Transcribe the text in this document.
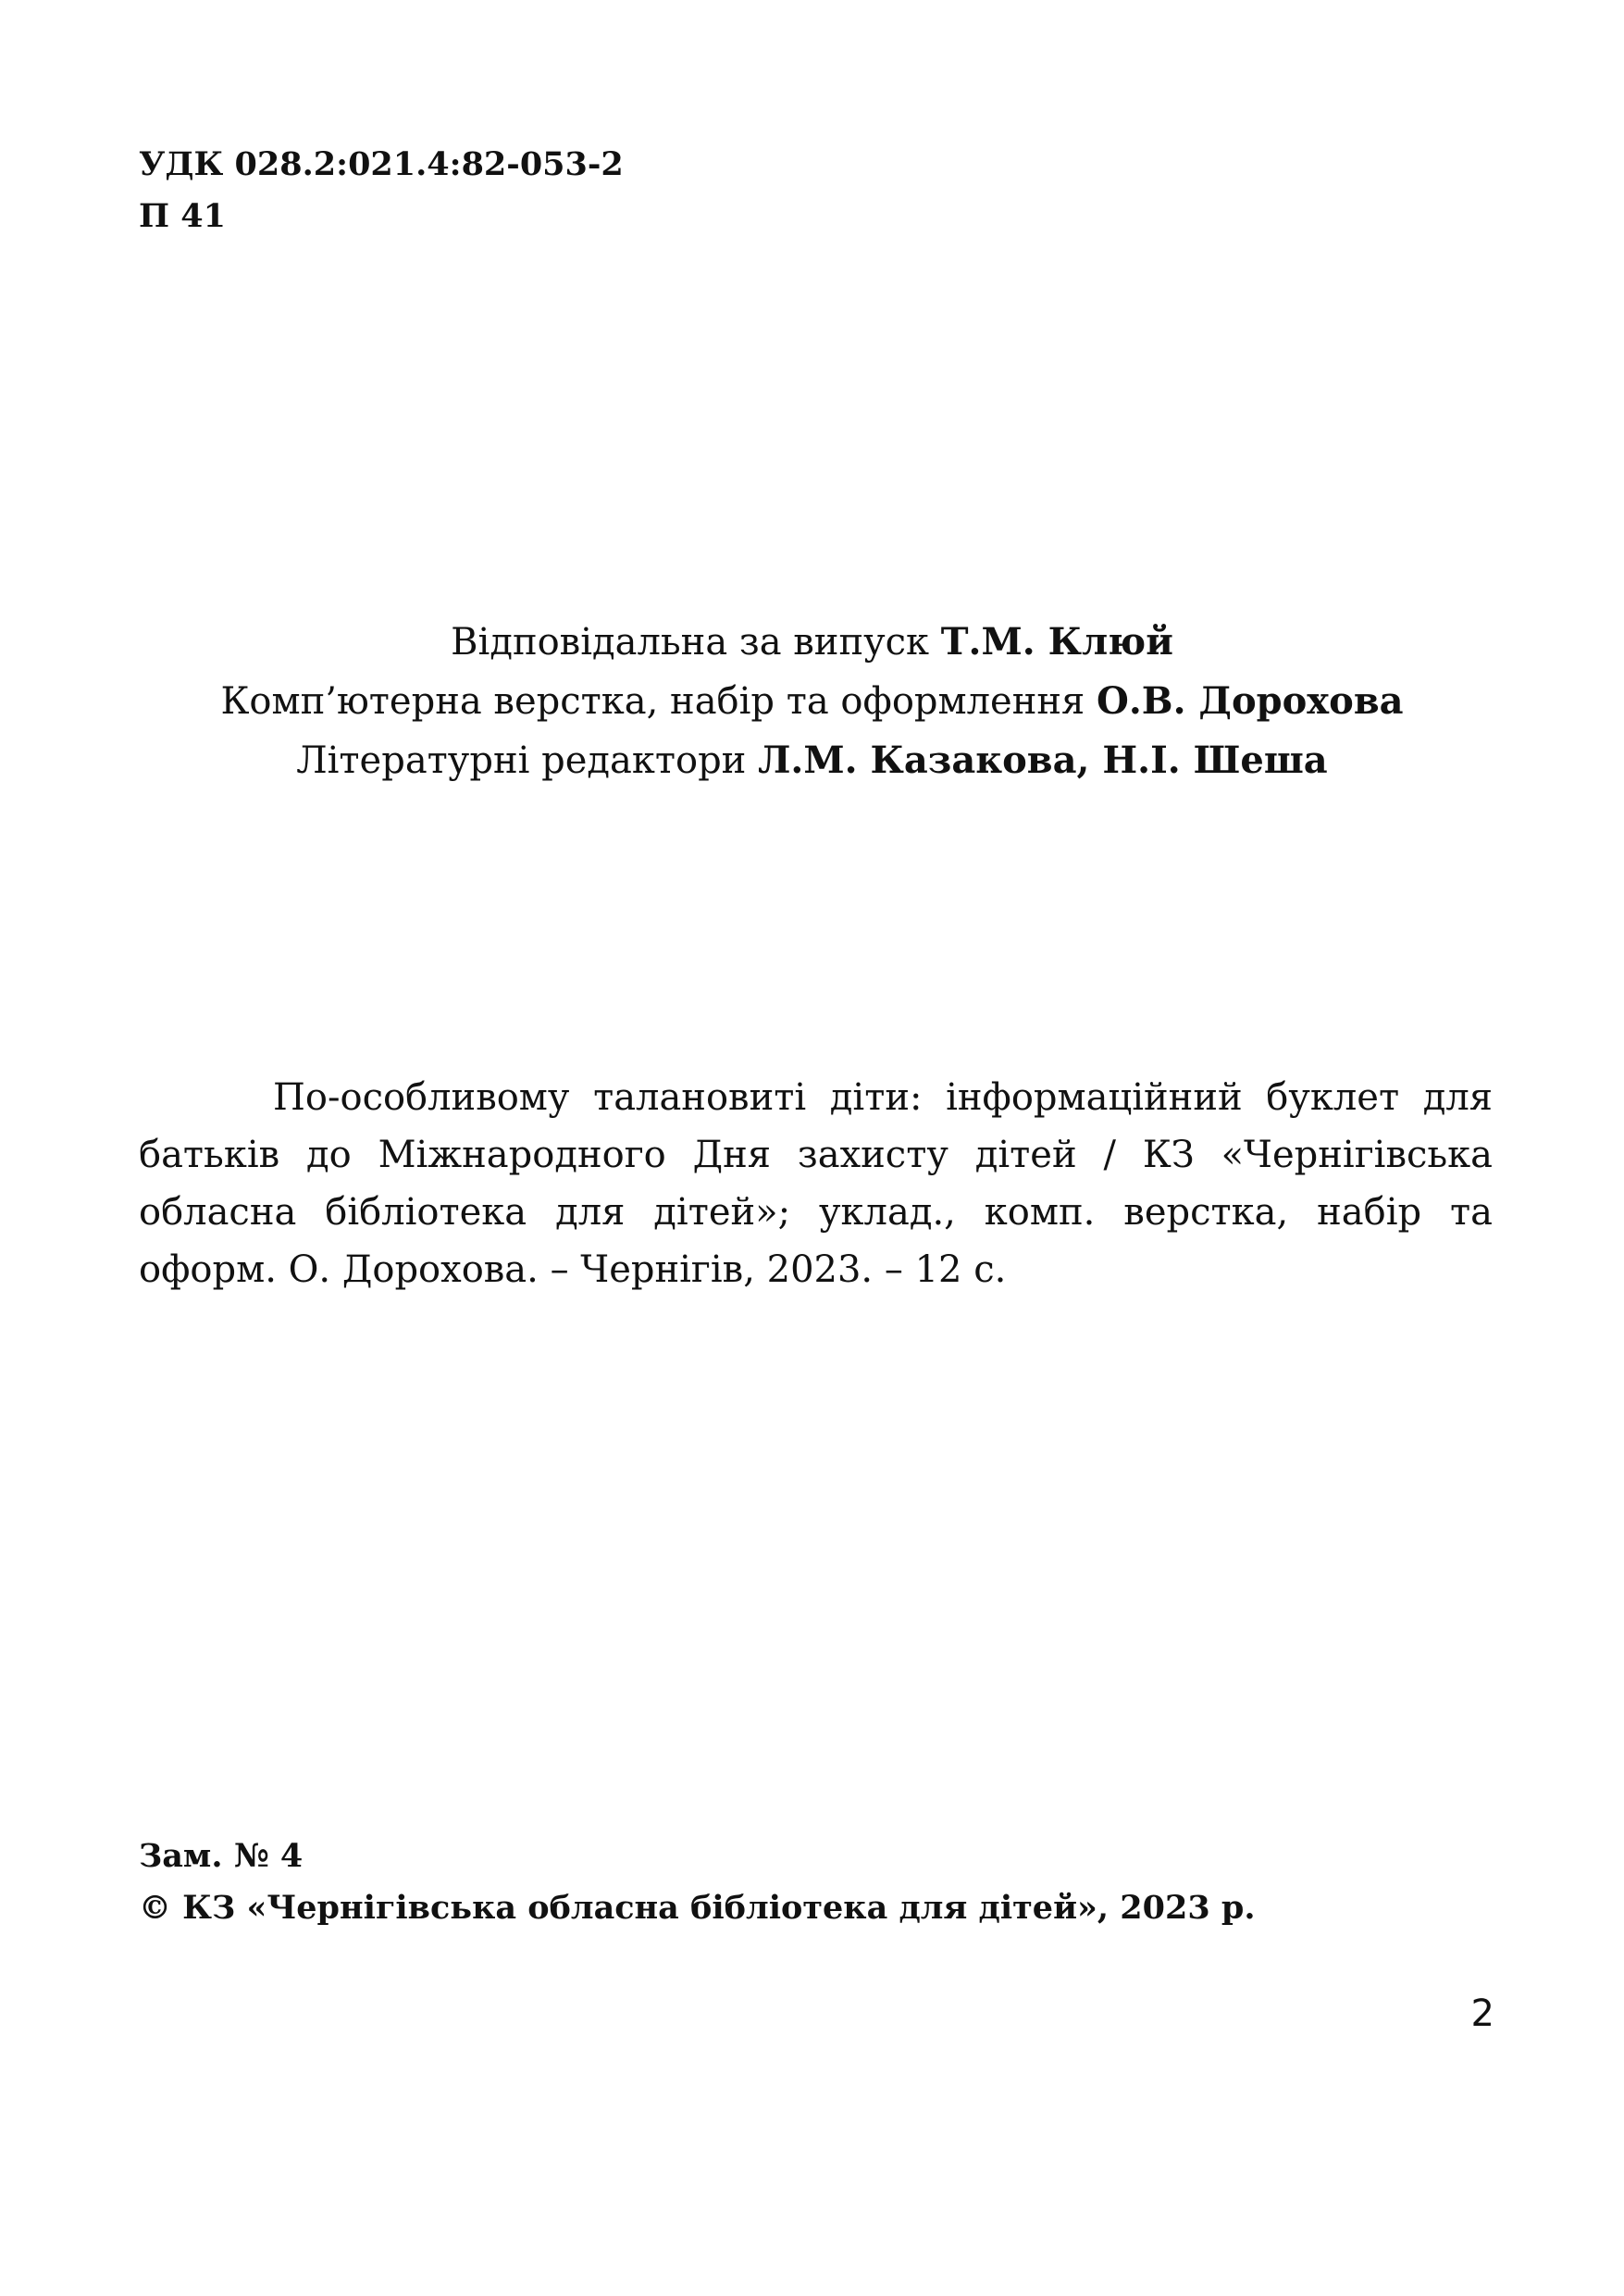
УДК 028.2:021.4:82-053-2
П 41
Відповідальна за випуск Т.М. Клюй
Комп’ютерна верстка, набір та оформлення О.В. Дорохова
Літературні редактори Л.М. Казакова, Н.І. Шеша
По-особливому талановиті діти: інформаційний буклет для батьків до Міжнародного Дня захисту дітей / КЗ «Чернігівська обласна бібліотека для дітей»; уклад., комп. верстка, набір та оформ. О. Дорохова. – Чернігів, 2023. – 12 с.
Зам. № 4
© КЗ «Чернігівська обласна бібліотека для дітей», 2023 р.
2
